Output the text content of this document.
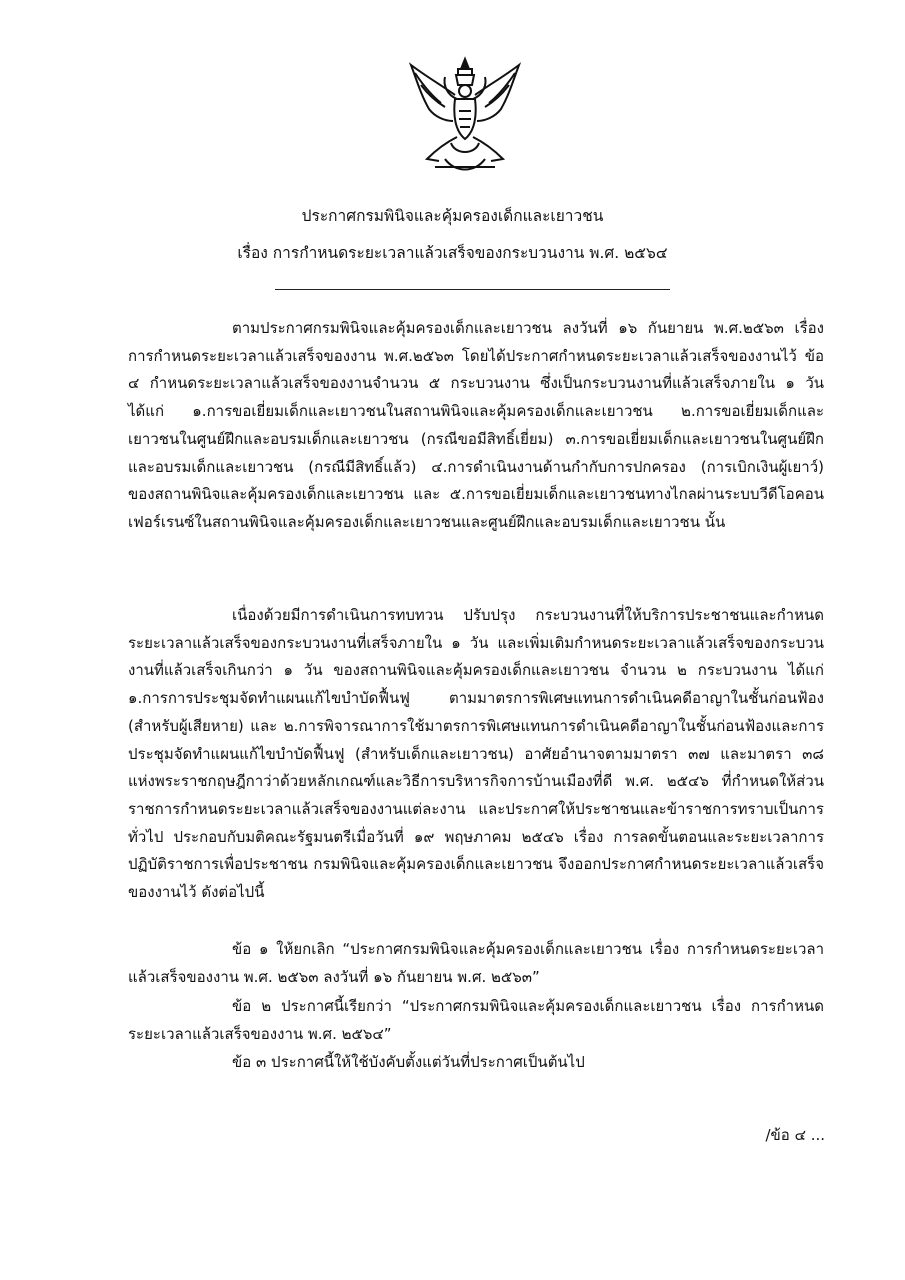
ประกาศกรมพินิจและคุ้มครองเด็กและเยาวชน
เรื่อง การกำหนดระยะเวลาแล้วเสร็จของกระบวนงาน พ.ศ. ๒๕๖๔

ตามประกาศกรมพินิจและคุ้มครองเด็กและเยาวชน ลงวันที่ ๑๖ กันยายน พ.ศ.๒๕๖๓ เรื่อง การกำหนดระยะเวลาแล้วเสร็จของงาน พ.ศ.๒๕๖๓ โดยได้ประกาศกำหนดระยะเวลาแล้วเสร็จของงานไว้ ข้อ ๔ กำหนดระยะเวลาแล้วเสร็จของงานจำนวน ๕ กระบวนงาน ซึ่งเป็นกระบวนงานที่แล้วเสร็จภายใน ๑ วัน ได้แก่ ๑.การขอเยี่ยมเด็กและเยาวชนในสถานพินิจและคุ้มครองเด็กและเยาวชน ๒.การขอเยี่ยมเด็กและเยาวชนในศูนย์ฝึกและอบรมเด็กและเยาวชน (กรณีขอมีสิทธิ์เยี่ยม) ๓.การขอเยี่ยมเด็กและเยาวชนในศูนย์ฝึกและอบรมเด็กและเยาวชน (กรณีมีสิทธิ์แล้ว) ๔.การดำเนินงานด้านกำกับการปกครอง (การเบิกเงินผู้เยาว์) ของสถานพินิจและคุ้มครองเด็กและเยาวชน และ ๕.การขอเยี่ยมเด็กและเยาวชนทางไกลผ่านระบบวีดีโอคอนเฟอร์เรนซ์ในสถานพินิจและคุ้มครองเด็กและเยาวชนและศูนย์ฝึกและอบรมเด็กและเยาวชน นั้น

เนื่องด้วยมีการดำเนินการทบทวน ปรับปรุง กระบวนงานที่ให้บริการประชาชนและกำหนดระยะเวลาแล้วเสร็จของกระบวนงานที่เสร็จภายใน ๑ วัน และเพิ่มเติมกำหนดระยะเวลาแล้วเสร็จของกระบวนงานที่แล้วเสร็จเกินกว่า ๑ วัน ของสถานพินิจและคุ้มครองเด็กและเยาวชน จำนวน ๒ กระบวนงาน ได้แก่ ๑.การการประชุมจัดทำแผนแก้ไขบำบัดฟื้นฟู ตามมาตรการพิเศษแทนการดำเนินคดีอาญาในชั้นก่อนฟ้อง (สำหรับผู้เสียหาย) และ ๒.การพิจารณาการใช้มาตรการพิเศษแทนการดำเนินคดีอาญาในชั้นก่อนฟ้องและการประชุมจัดทำแผนแก้ไขบำบัดฟื้นฟู (สำหรับเด็กและเยาวชน) อาศัยอำนาจตามมาตรา ๓๗ และมาตรา ๓๘ แห่งพระราชกฤษฎีกาว่าด้วยหลักเกณฑ์และวิธีการบริหารกิจการบ้านเมืองที่ดี พ.ศ. ๒๕๔๖ ที่กำหนดให้ส่วนราชการกำหนดระยะเวลาแล้วเสร็จของงานแต่ละงาน และประกาศให้ประชาชนและข้าราชการทราบเป็นการทั่วไป ประกอบกับมติคณะรัฐมนตรีเมื่อวันที่ ๑๙ พฤษภาคม ๒๕๔๖ เรื่อง การลดขั้นตอนและระยะเวลาการปฏิบัติราชการเพื่อประชาชน กรมพินิจและคุ้มครองเด็กและเยาวชน จึงออกประกาศกำหนดระยะเวลาแล้วเสร็จของงานไว้ ดังต่อไปนี้

ข้อ ๑ ให้ยกเลิก “ประกาศกรมพินิจและคุ้มครองเด็กและเยาวชน เรื่อง การกำหนดระยะเวลาแล้วเสร็จของงาน พ.ศ. ๒๕๖๓ ลงวันที่ ๑๖ กันยายน พ.ศ. ๒๕๖๓”

ข้อ ๒ ประกาศนี้เรียกว่า “ประกาศกรมพินิจและคุ้มครองเด็กและเยาวชน เรื่อง การกำหนดระยะเวลาแล้วเสร็จของงาน พ.ศ. ๒๕๖๔”

ข้อ ๓ ประกาศนี้ให้ใช้บังคับตั้งแต่วันที่ประกาศเป็นต้นไป

/ข้อ ๔ ...
